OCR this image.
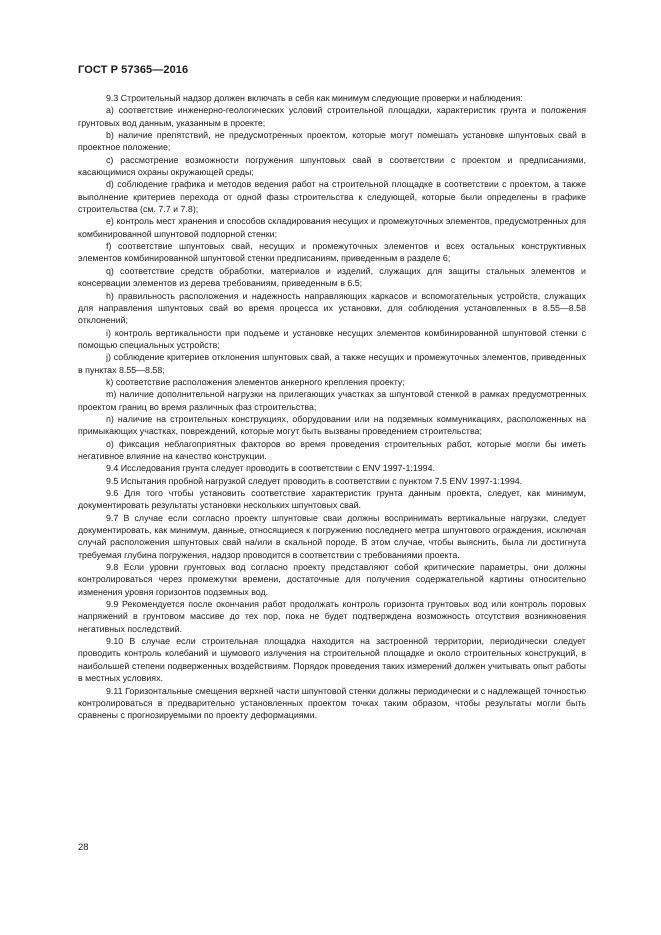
ГОСТ Р 57365—2016

9.3 Строительный надзор должен включать в себя как минимум следующие проверки и наблюдения:

a) соответствие инженерно-геологических условий строительной площадки, характеристик грунта и положения грунтовых вод данным, указанным в проекте;

b) наличие препятствий, не предусмотренных проектом, которые могут помешать установке шпунтовых свай в проектное положение;

c) рассмотрение возможности погружения шпунтовых свай в соответствии с проектом и предписаниями, касающимися охраны окружающей среды;

d) соблюдение графика и методов ведения работ на строительной площадке в соответствии с проектом, а также выполнение критериев перехода от одной фазы строительства к следующей, которые были определены в графике строительства (см. 7.7 и 7.8);

e) контроль мест хранения и способов складирования несущих и промежуточных элементов, предусмотренных для комбинированной шпунтовой подпорной стенки;

f) соответствие шпунтовых свай, несущих и промежуточных элементов и всех остальных конструктивных элементов комбинированной шпунтовой стенки предписаниям, приведенным в разделе 6;

q) соответствие средств обработки, материалов и изделий, служащих для защиты стальных элементов и консервации элементов из дерева требованиям, приведенным в 6.5;

h) правильность расположения и надежность направляющих каркасов и вспомогательных устройств, служащих для направления шпунтовых свай во время процесса их установки, для соблюдения установленных в 8.55—8.58 отклонений;

i) контроль вертикальности при подъеме и установке несущих элементов комбинированной шпунтовой стенки с помощью специальных устройств;

j) соблюдение критериев отклонения шпунтовых свай, а также несущих и промежуточных элементов, приведенных в пунктах 8.55—8.58;

k) соответствие расположения элементов анкерного крепления проекту;

m) наличие дополнительной нагрузки на прилегающих участках за шпунтовой стенкой в рамках предусмотренных проектом границ во время различных фаз строительства;

n) наличие на строительных конструкциях, оборудовании или на подземных коммуникациях, расположенных на примыкающих участках, повреждений, которые могут быть вызваны проведением строительства;

o) фиксация неблагоприятных факторов во время проведения строительных работ, которые могли бы иметь негативное влияние на качество конструкции.

9.4 Исследования грунта следует проводить в соответствии с ENV 1997-1:1994.

9.5 Испытания пробной нагрузкой следует проводить в соответствии с пунктом 7.5 ENV 1997-1:1994.

9.6 Для того чтобы установить соответствие характеристик грунта данным проекта, следует, как минимум, документировать результаты установки нескольких шпунтовых свай.

9.7 В случае если согласно проекту шпунтовые сваи должны воспринимать вертикальные нагрузки, следует документировать, как минимум, данные, относящиеся к погружению последнего метра шпунтового ограждения, исключая случай расположения шпунтовых свай на/или в скальной породе. В этом случае, чтобы выяснить, была ли достигнута требуемая глубина погружения, надзор проводится в соответствии с требованиями проекта.

9.8 Если уровни грунтовых вод согласно проекту представляют собой критические параметры, они должны контролироваться через промежутки времени, достаточные для получения содержательной картины относительно изменения уровня горизонтов подземных вод.

9.9 Рекомендуется после окончания работ продолжать контроль горизонта грунтовых вод или контроль поровых напряжений в грунтовом массиве до тех пор, пока не будет подтверждена возможность отсутствия возникновения негативных последствий.

9.10 В случае если строительная площадка находится на застроенной территории, периодически следует проводить контроль колебаний и шумового излучения на строительной площадке и около строительных конструкций, в наибольшей степени подверженных воздействиям. Порядок проведения таких измерений должен учитывать опыт работы в местных условиях.

9.11 Горизонтальные смещения верхней части шпунтовой стенки должны периодически и с надлежащей точностью контролироваться в предварительно установленных проектом точках таким образом, чтобы результаты могли быть сравнены с прогнозируемыми по проекту деформациями.

28
